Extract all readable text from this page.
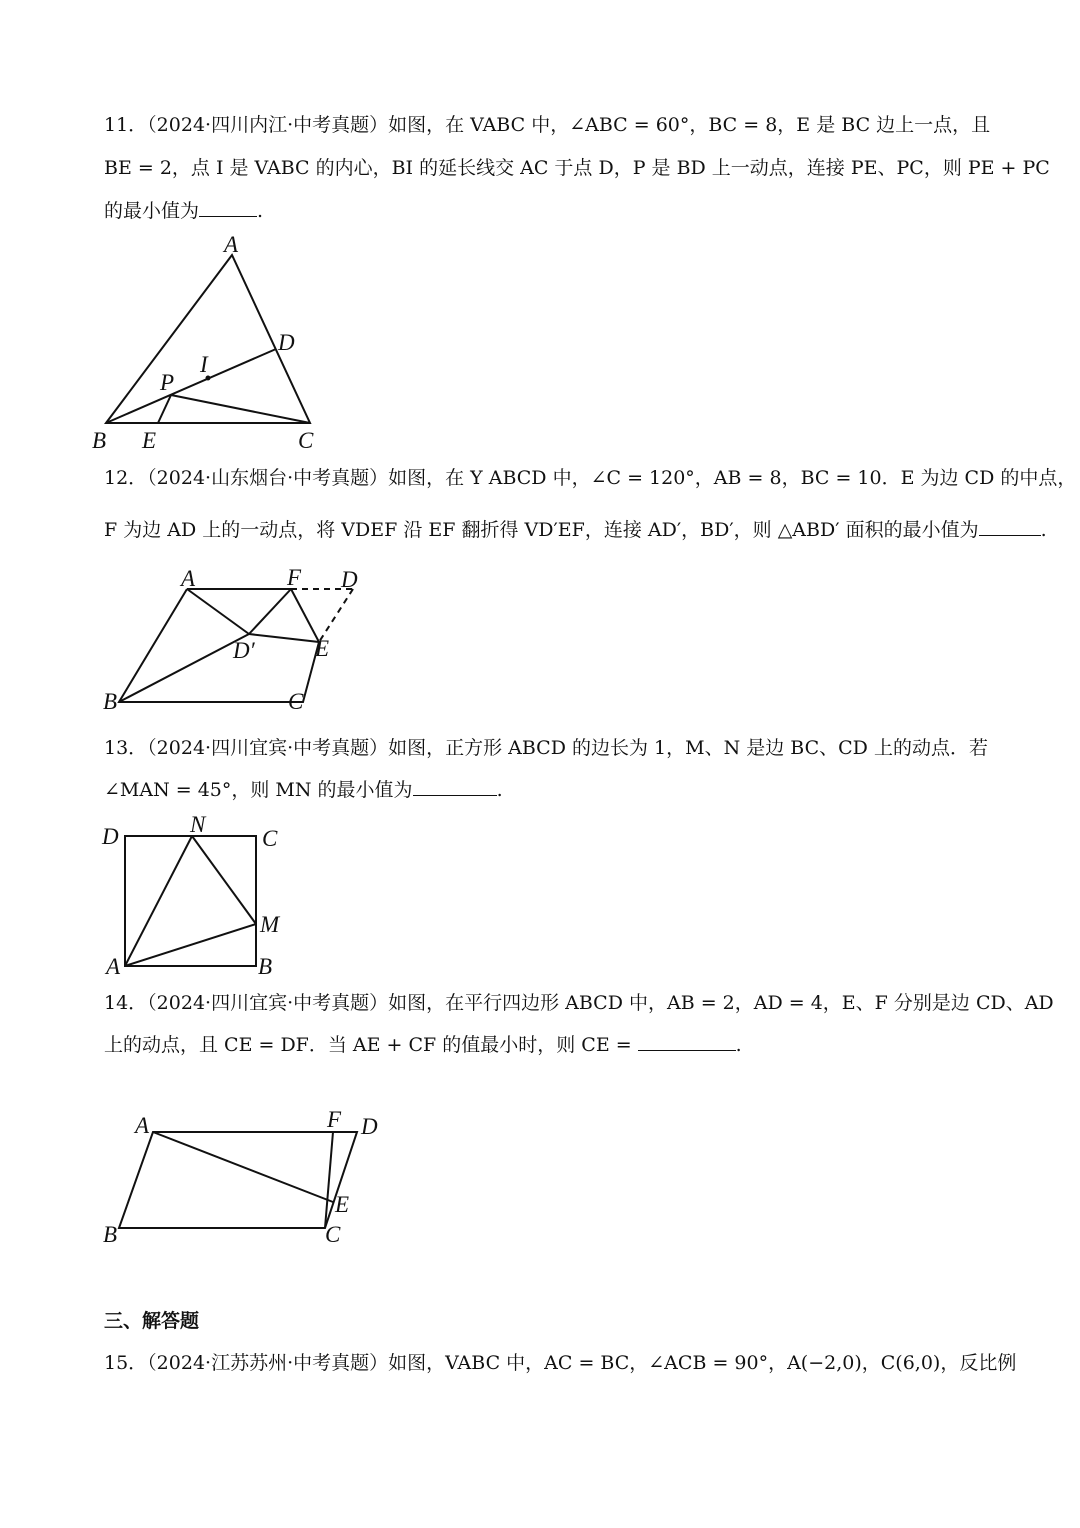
11．（2024·四川内江·中考真题）如图，在 VABC 中，∠ABC = 60°，BC = 8，E 是 BC 边上一点，且
BE = 2，点 I 是 VABC 的内心，BI 的延长线交 AC 于点 D，P 是 BD 上一动点，连接 PE、PC，则 PE + PC
的最小值为	.
A
B	C
D
E
I
P
12．（2024·山东烟台·中考真题）如图，在 Y ABCD 中，∠C = 120°，AB = 8，BC = 10．E 为边 CD 的中点，
F 为边 AD 上的一动点，将 VDEF 沿 EF 翻折得 VD′EF，连接 AD′，BD′，则 △ABD′ 面积的最小值为	.
A	F D
B	C
E
D′
13．（2024·四川宜宾·中考真题）如图，正方形 ABCD 的边长为 1，M、N 是边 BC、CD 上的动点．若
∠MAN = 45°，则 MN 的最小值为	.
D	N
C
M
A	B
14．（2024·四川宜宾·中考真题）如图，在平行四边形 ABCD 中，AB = 2，AD = 4，E、F 分别是边 CD、AD
上的动点，且 CE = DF．当 AE + CF 的值最小时，则 CE =	.
A	F D
E
B	C
三、解答题
15．（2024·江苏苏州·中考真题）如图，VABC 中，AC = BC，∠ACB = 90°，A(−2,0)，C(6,0)，反比例
